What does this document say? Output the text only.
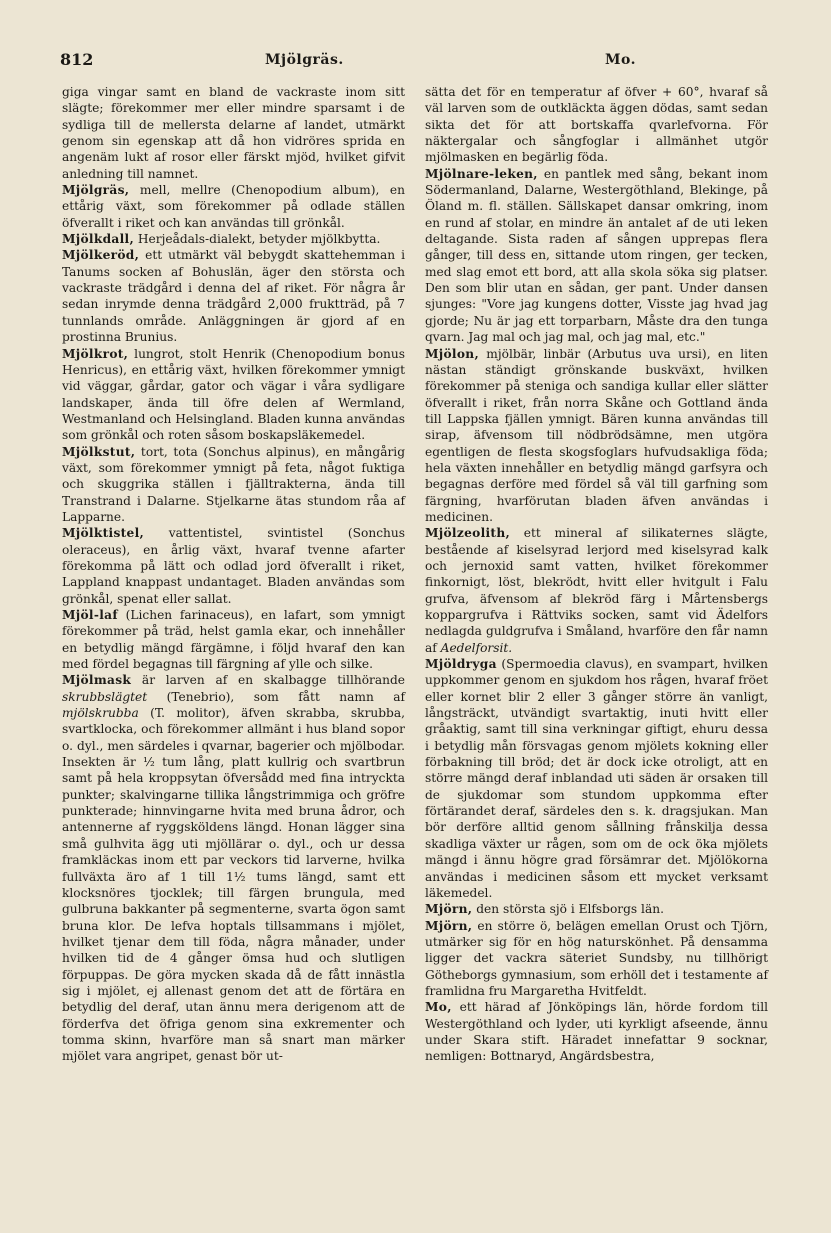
812	Mjölgräs.	Mo.

giga vingar samt en bland de vackraste inom sitt slägte; förekommer mer eller mindre sparsamt i de sydliga till de mellersta delarne af landet, utmärkt genom sin egenskap att då hon vidröres sprida en angenäm lukt af rosor eller färskt mjöd, hvilket gifvit anledning till namnet.

Mjölgräs, mell, mellre (Chenopodium album), en ettårig växt, som förekommer på odlade ställen öfverallt i riket och kan användas till grönkål.

Mjölkdall, Herjeådals-dialekt, betyder mjölkbytta.

Mjölkeröd, ett utmärkt väl bebygdt skattehemman i Tanums socken af Bohuslän, äger den största och vackraste trädgård i denna del af riket. För några år sedan inrymde denna trädgård 2,000 fruktträd, på 7 tunnlands område. Anläggningen är gjord af en prostinna Brunius.

Mjölkrot, lungrot, stolt Henrik (Chenopodium bonus Henricus), en ettårig växt, hvilken förekommer ymnigt vid väggar, gårdar, gator och vägar i våra sydligare landskaper, ända till öfre delen af Wermland, Westmanland och Helsingland. Bladen kunna användas som grönkål och roten såsom boskapsläkemedel.

Mjölkstut, tort, tota (Sonchus alpinus), en mångårig växt, som förekommer ymnigt på feta, något fuktiga och skuggrika ställen i fjälltrakterna, ända till Transtrand i Dalarne. Stjelkarne ätas stundom råa af Lapparne.

Mjölktistel, vattentistel, svintistel (Sonchus oleraceus), en årlig växt, hvaraf tvenne afarter förekomma på lätt och odlad jord öfverallt i riket, Lappland knappast undantaget. Bladen användas som grönkål, spenat eller sallat.

Mjöl-laf (Lichen farinaceus), en lafart, som ymnigt förekommer på träd, helst gamla ekar, och innehåller en betydlig mängd färgämne, i följd hvaraf den kan med fördel begagnas till färgning af ylle och silke.

Mjölmask är larven af en skalbagge tillhörande skrubbslägtet (Tenebrio), som fått namn af mjölskrubba (T. molitor), äfven skrabba, skrubba, svartklocka, och förekommer allmänt i hus bland sopor o. dyl., men särdeles i qvarnar, bagerier och mjölbodar. Insekten är ½ tum lång, platt kullrig och svartbrun samt på hela kroppsytan öfversådd med fina intryckta punkter; skalvingarne tillika långstrimmiga och gröfre punkterade; hinnvingarne hvita med bruna ådror, och antennerne af ryggsköldens längd. Honan lägger sina små gulhvita ägg uti mjöllärar o. dyl., och ur dessa framkläckas inom ett par veckors tid larverne, hvilka fullväxta äro af 1 till 1½ tums längd, samt ett klocksnöres tjocklek; till färgen brungula, med gulbruna bakkanter på segmenterne, svarta ögon samt bruna klor. De lefva hoptals tillsammans i mjölet, hvilket tjenar dem till föda, några månader, under hvilken tid de 4 gånger ömsa hud och slutligen förpuppas. De göra mycken skada då de fått innästla sig i mjölet, ej allenast genom det att de förtära en betydlig del deraf, utan ännu mera derigenom att de förderfva det öfriga genom sina exkrementer och tomma skinn, hvarföre man så snart man märker mjölet vara angripet, genast bör ut-

sätta det för en temperatur af öfver + 60°, hvaraf så väl larven som de outkläckta äggen dödas, samt sedan sikta det för att bortskaffa qvarlefvorna. För näktergalar och sångfoglar i allmänhet utgör mjölmasken en begärlig föda.

Mjölnare-leken, en pantlek med sång, bekant inom Södermanland, Dalarne, Westergöthland, Blekinge, på Öland m. fl. ställen. Sällskapet dansar omkring, inom en rund af stolar, en mindre än antalet af de uti leken deltagande. Sista raden af sången upprepas flera gånger, till dess en, sittande utom ringen, ger tecken, med slag emot ett bord, att alla skola söka sig platser. Den som blir utan en sådan, ger pant. Under dansen sjunges: "Vore jag kungens dotter, Visste jag hvad jag gjorde; Nu är jag ett torparbarn, Måste dra den tunga qvarn. Jag mal och jag mal, och jag mal, etc."

Mjölon, mjölbär, linbär (Arbutus uva ursi), en liten nästan ständigt grönskande buskväxt, hvilken förekommer på steniga och sandiga kullar eller slätter öfverallt i riket, från norra Skåne och Gottland ända till Lappska fjällen ymnigt. Bären kunna användas till sirap, äfvensom till nödbrödsämne, men utgöra egentligen de flesta skogsfoglars hufvudsakliga föda; hela växten innehåller en betydlig mängd garfsyra och begagnas derföre med fördel så väl till garfning som färgning, hvarförutan bladen äfven användas i medicinen.

Mjölzeolith, ett mineral af silikaternes slägte, bestående af kiselsyrad lerjord med kiselsyrad kalk och jernoxid samt vatten, hvilket förekommer finkornigt, löst, blekrödt, hvitt eller hvitgult i Falu grufva, äfvensom af blekröd färg i Mårtensbergs koppargrufva i Rättviks socken, samt vid Ädelfors nedlagda guldgrufva i Småland, hvarföre den får namn af Aedelforsit.

Mjöldryga (Spermoedia clavus), en svampart, hvilken uppkommer genom en sjukdom hos rågen, hvaraf fröet eller kornet blir 2 eller 3 gånger större än vanligt, långsträckt, utvändigt svartaktig, inuti hvitt eller gråaktig, samt till sina verkningar giftigt, ehuru dessa i betydlig mån försvagas genom mjölets kokning eller förbakning till bröd; det är dock icke otroligt, att en större mängd deraf inblandad uti säden är orsaken till de sjukdomar som stundom uppkomma efter förtärandet deraf, särdeles den s. k. dragsjukan. Man bör derföre alltid genom sållning frånskilja dessa skadliga växter ur rågen, som om de ock öka mjölets mängd i ännu högre grad försämrar det. Mjölökorna användas i medicinen såsom ett mycket verksamt läkemedel.

Mjörn, den största sjö i Elfsborgs län.

Mjörn, en större ö, belägen emellan Orust och Tjörn, utmärker sig för en hög naturskönhet. På densamma ligger det vackra säteriet Sundsby, nu tillhörigt Götheborgs gymnasium, som erhöll det i testamente af framlidna fru Margaretha Hvitfeldt.

Mo, ett härad af Jönköpings län, hörde fordom till Westergöthland och lyder, uti kyrkligt afseende, ännu under Skara stift. Häradet innefattar 9 socknar, nemligen: Bottnaryd, Angärdsbestra,
